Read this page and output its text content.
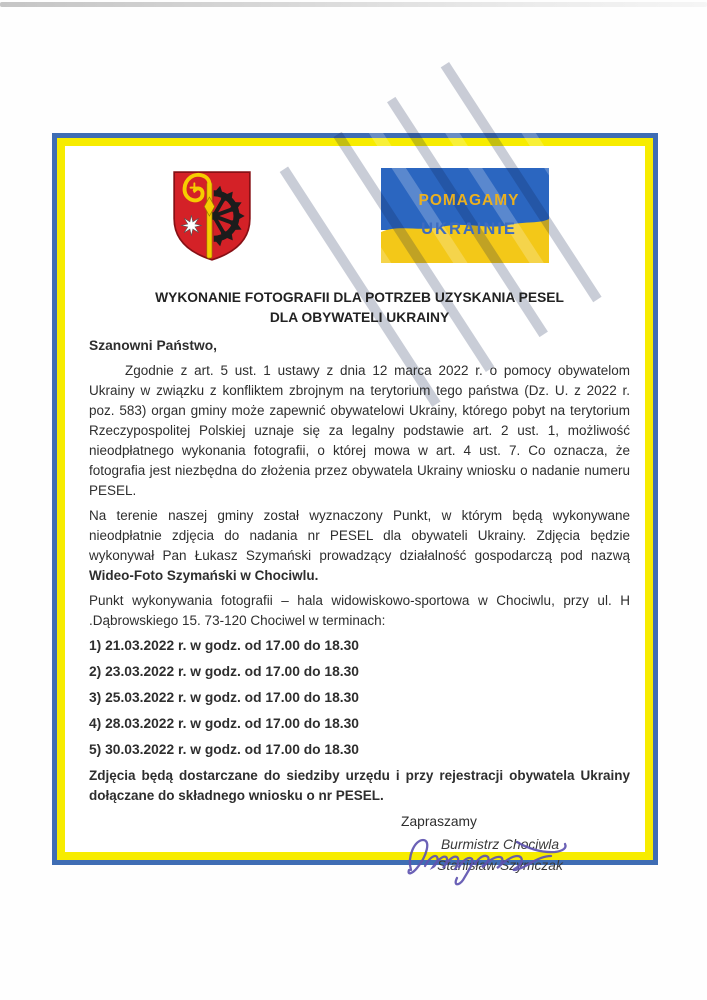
POMAGAMY
UKRAINIE
WYKONANIE FOTOGRAFII DLA POTRZEB UZYSKANIA PESEL
DLA OBYWATELI UKRAINY

Szanowni Państwo,

Zgodnie z art. 5 ust. 1 ustawy z dnia 12 marca 2022 r. o pomocy obywatelom Ukrainy w związku z konfliktem zbrojnym na terytorium tego państwa (Dz. U. z 2022 r. poz. 583) organ gminy może zapewnić obywatelowi Ukrainy, którego pobyt na terytorium Rzeczypospolitej Polskiej uznaje się za legalny podstawie art. 2 ust. 1, możliwość nieodpłatnego wykonania fotografii, o której mowa w art. 4 ust. 7. Co oznacza, że fotografia jest niezbędna do złożenia przez obywatela Ukrainy wniosku o nadanie numeru PESEL.

Na terenie naszej gminy został wyznaczony Punkt, w którym będą wykonywane nieodpłatnie zdjęcia do nadania nr PESEL dla obywateli Ukrainy. Zdjęcia będzie wykonywał Pan Łukasz Szymański prowadzący działalność gospodarczą pod nazwą Wideo-Foto Szymański w Chociwlu.

Punkt wykonywania fotografii – hala widowiskowo-sportowa w Chociwlu, przy ul. H .Dąbrowskiego 15. 73-120 Chociwel w terminach:

1) 21.03.2022 r. w godz. od 17.00 do 18.30

2) 23.03.2022 r. w godz. od 17.00 do 18.30

3) 25.03.2022 r. w godz. od 17.00 do 18.30

4) 28.03.2022 r. w godz. od 17.00 do 18.30

5) 30.03.2022 r. w godz. od 17.00 do 18.30

Zdjęcia będą dostarczane do siedziby urzędu i przy rejestracji obywatela Ukrainy dołączane do składnego wniosku o nr PESEL.

Zapraszamy
Burmistrz Chociwla
Stanisław Szymczak
